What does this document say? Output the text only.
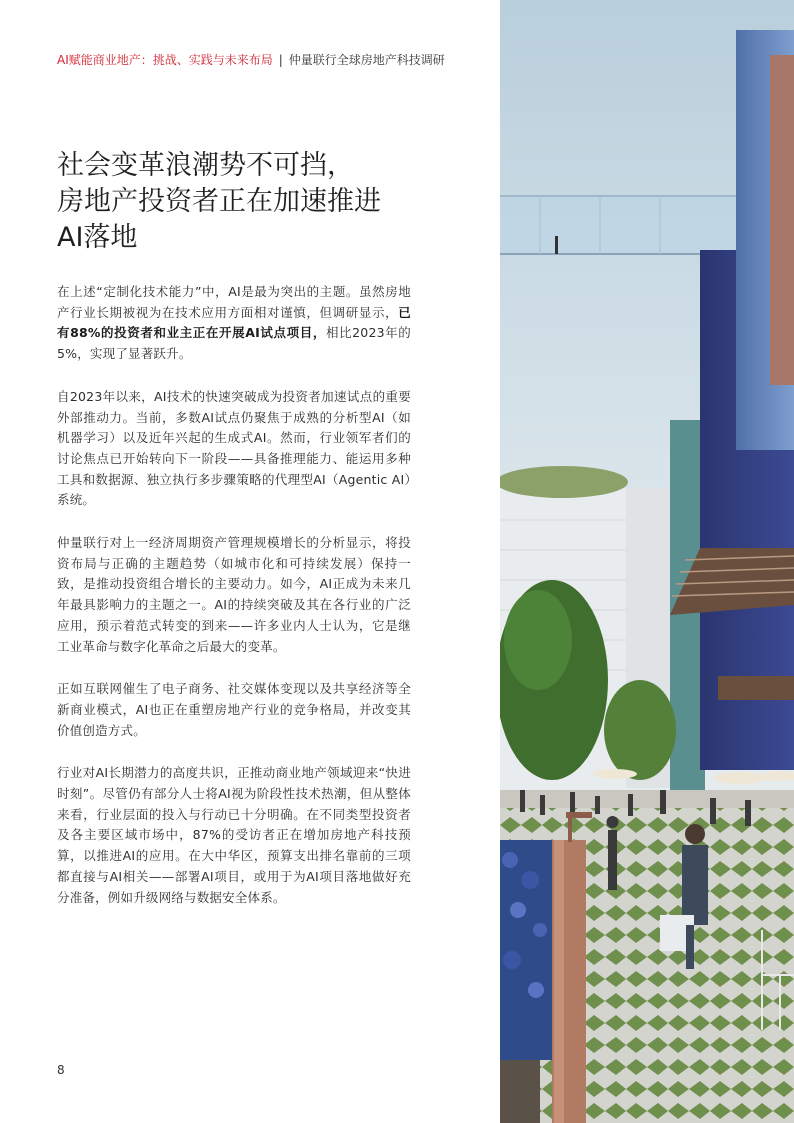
AI赋能商业地产：挑战、实践与未来布局 | 仲量联行全球房地产科技调研
社会变革浪潮势不可挡，
房地产投资者正在加速推进
AI落地

在上述“定制化技术能力”中，AI是最为突出的主题。虽然房地产行业长期被视为在技术应用方面相对谨慎，但调研显示，已有88%的投资者和业主正在开展AI试点项目，相比2023年的5%，实现了显著跃升。

自2023年以来，AI技术的快速突破成为投资者加速试点的重要外部推动力。当前，多数AI试点仍聚焦于成熟的分析型AI（如机器学习）以及近年兴起的生成式AI。然而，行业领军者们的讨论焦点已开始转向下一阶段——具备推理能力、能运用多种工具和数据源、独立执行多步骤策略的代理型AI（Agentic AI）系统。

仲量联行对上一经济周期资产管理规模增长的分析显示，将投资布局与正确的主题趋势（如城市化和可持续发展）保持一致，是推动投资组合增长的主要动力。如今，AI正成为未来几年最具影响力的主题之一。AI的持续突破及其在各行业的广泛应用，预示着范式转变的到来——许多业内人士认为，它是继工业革命与数字化革命之后最大的变革。

正如互联网催生了电子商务、社交媒体变现以及共享经济等全新商业模式，AI也正在重塑房地产行业的竞争格局，并改变其价值创造方式。

行业对AI长期潜力的高度共识，正推动商业地产领域迎来“快进时刻”。尽管仍有部分人士将AI视为阶段性技术热潮，但从整体来看，行业层面的投入与行动已十分明确。在不同类型投资者及各主要区域市场中，87%的受访者正在增加房地产科技预算，以推进AI的应用。在大中华区，预算支出排名靠前的三项都直接与AI相关——部署AI项目，或用于为AI项目落地做好充分准备，例如升级网络与数据安全体系。

8
